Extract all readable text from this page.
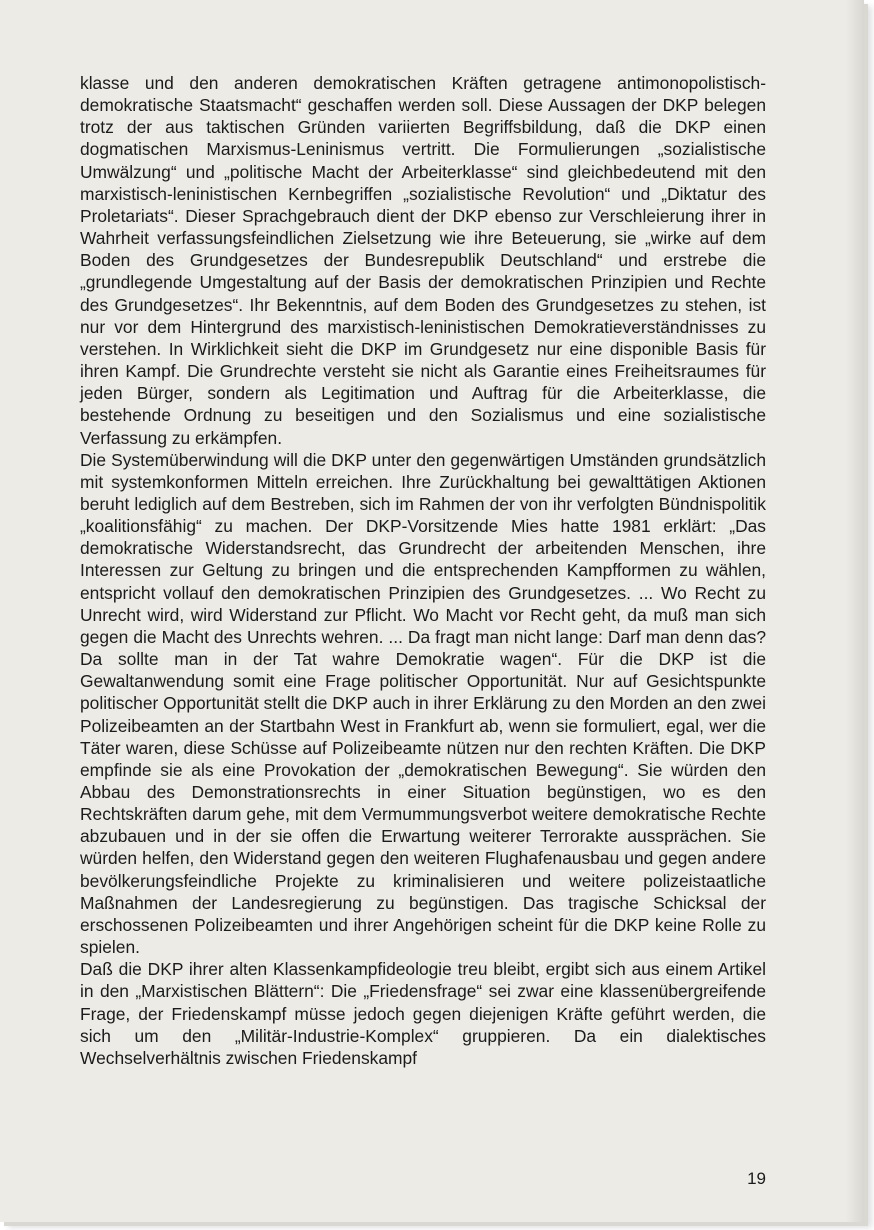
klasse und den anderen demokratischen Kräften getragene antimonopolistisch-demokratische Staatsmacht“ geschaffen werden soll. Diese Aussagen der DKP belegen trotz der aus taktischen Gründen variierten Begriffsbildung, daß die DKP einen dogmatischen Marxismus-Leninismus vertritt. Die Formulierungen „sozialistische Umwälzung“ und „politische Macht der Arbeiterklasse“ sind gleichbedeutend mit den marxistisch-leninistischen Kernbegriffen „sozialistische Revolution“ und „Diktatur des Proletariats“. Dieser Sprachgebrauch dient der DKP ebenso zur Verschleierung ihrer in Wahrheit verfassungsfeindlichen Zielsetzung wie ihre Beteuerung, sie „wirke auf dem Boden des Grundgesetzes der Bundesrepublik Deutschland“ und erstrebe die „grundlegende Umgestaltung auf der Basis der demokratischen Prinzipien und Rechte des Grundgesetzes“. Ihr Bekenntnis, auf dem Boden des Grundgesetzes zu stehen, ist nur vor dem Hintergrund des marxistisch-leninistischen Demokratieverständnisses zu verstehen. In Wirklichkeit sieht die DKP im Grundgesetz nur eine disponible Basis für ihren Kampf. Die Grundrechte versteht sie nicht als Garantie eines Freiheitsraumes für jeden Bürger, sondern als Legitimation und Auftrag für die Arbeiterklasse, die bestehende Ordnung zu beseitigen und den Sozialismus und eine sozialistische Verfassung zu erkämpfen.

Die Systemüberwindung will die DKP unter den gegenwärtigen Umständen grundsätzlich mit systemkonformen Mitteln erreichen. Ihre Zurückhaltung bei gewalttätigen Aktionen beruht lediglich auf dem Bestreben, sich im Rahmen der von ihr verfolgten Bündnispolitik „koalitionsfähig“ zu machen. Der DKP-Vorsitzende Mies hatte 1981 erklärt: „Das demokratische Widerstandsrecht, das Grundrecht der arbeitenden Menschen, ihre Interessen zur Geltung zu bringen und die entsprechenden Kampfformen zu wählen, entspricht vollauf den demokratischen Prinzipien des Grundgesetzes. ... Wo Recht zu Unrecht wird, wird Widerstand zur Pflicht. Wo Macht vor Recht geht, da muß man sich gegen die Macht des Unrechts wehren. ... Da fragt man nicht lange: Darf man denn das? Da sollte man in der Tat wahre Demokratie wagen“. Für die DKP ist die Gewaltanwendung somit eine Frage politischer Opportunität. Nur auf Gesichtspunkte politischer Opportunität stellt die DKP auch in ihrer Erklärung zu den Morden an den zwei Polizeibeamten an der Startbahn West in Frankfurt ab, wenn sie formuliert, egal, wer die Täter waren, diese Schüsse auf Polizeibeamte nützen nur den rechten Kräften. Die DKP empfinde sie als eine Provokation der „demokratischen Bewegung“. Sie würden den Abbau des Demonstrationsrechts in einer Situation begünstigen, wo es den Rechtskräften darum gehe, mit dem Vermummungsverbot weitere demokratische Rechte abzubauen und in der sie offen die Erwartung weiterer Terrorakte aussprächen. Sie würden helfen, den Widerstand gegen den weiteren Flughafenausbau und gegen andere bevölkerungsfeindliche Projekte zu kriminalisieren und weitere polizeistaatliche Maßnahmen der Landesregierung zu begünstigen. Das tragische Schicksal der erschossenen Polizeibeamten und ihrer Angehörigen scheint für die DKP keine Rolle zu spielen.

Daß die DKP ihrer alten Klassenkampfideologie treu bleibt, ergibt sich aus einem Artikel in den „Marxistischen Blättern“: Die „Friedensfrage“ sei zwar eine klassenübergreifende Frage, der Friedenskampf müsse jedoch gegen diejenigen Kräfte geführt werden, die sich um den „Militär-Industrie-Komplex“ gruppieren. Da ein dialektisches Wechselverhältnis zwischen Friedenskampf

19
